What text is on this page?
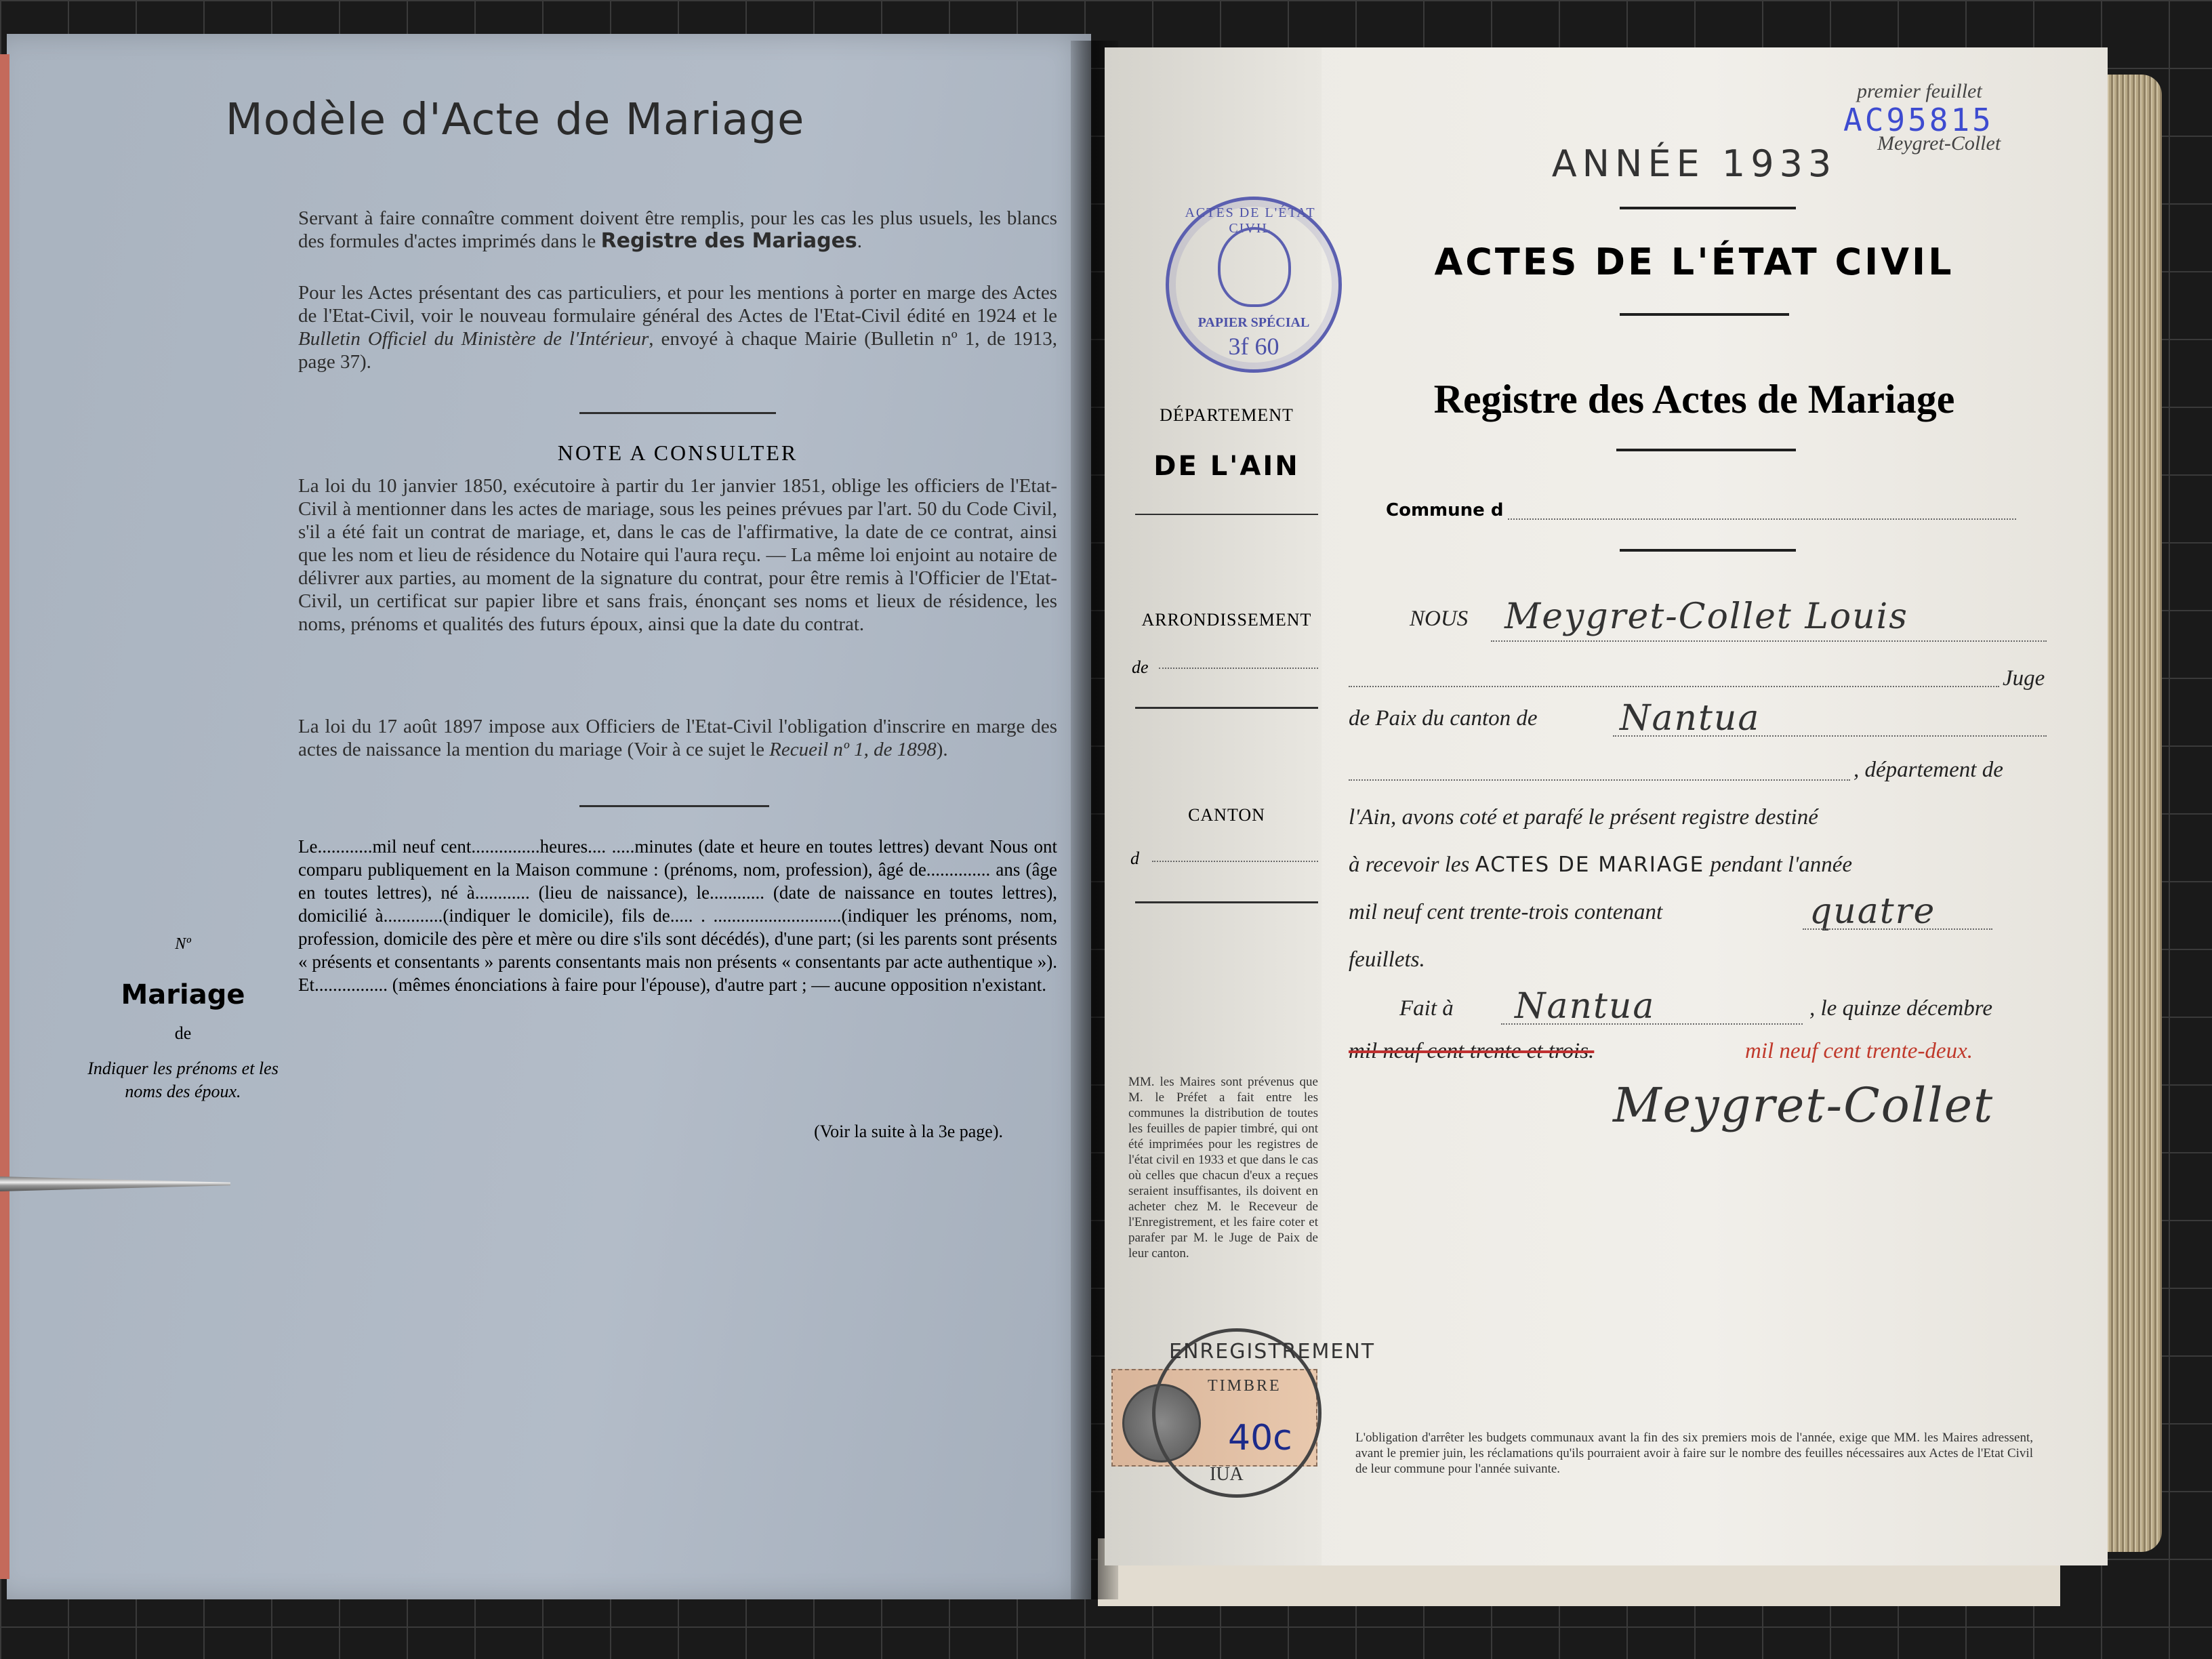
Modèle d'Acte de Mariage
Servant à faire connaître comment doivent être remplis, pour les cas les plus usuels, les blancs des formules d'actes imprimés dans le Registre des Mariages.
Pour les Actes présentant des cas particuliers, et pour les mentions à porter en marge des Actes de l'Etat-Civil, voir le nouveau formulaire général des Actes de l'Etat-Civil édité en 1924 et le Bulletin Officiel du Ministère de l'Intérieur, envoyé à chaque Mairie (Bulletin nº 1, de 1913, page 37).
NOTE A CONSULTER
La loi du 10 janvier 1850, exécutoire à partir du 1er janvier 1851, oblige les officiers de l'Etat-Civil à mentionner dans les actes de mariage, sous les peines prévues par l'art. 50 du Code Civil, s'il a été fait un contrat de mariage, et, dans le cas de l'affirmative, la date de ce contrat, ainsi que les nom et lieu de résidence du Notaire qui l'aura reçu. — La même loi enjoint au notaire de délivrer aux parties, au moment de la signature du contrat, pour être remis à l'Officier de l'Etat-Civil, un certificat sur papier libre et sans frais, énonçant ses noms et lieux de résidence, les noms, prénoms et qualités des futurs époux, ainsi que la date du contrat.
La loi du 17 août 1897 impose aux Officiers de l'Etat-Civil l'obligation d'inscrire en marge des actes de naissance la mention du mariage (Voir à ce sujet le Recueil nº 1, de 1898).
Le............mil neuf cent...............heures.... .....minutes (date et heure en toutes lettres) devant Nous ont comparu publiquement en la Maison commune : (prénoms, nom, profession), âgé de.............. ans (âge en toutes lettres), né à............ (lieu de naissance), le............ (date de naissance en toutes lettres), domicilié à.............(indiquer le domicile), fils de..... . ............................(indiquer les prénoms, nom, profession, domicile des père et mère ou dire s'ils sont décédés), d'une part; (si les parents sont présents « présents et consentants » parents consentants mais non présents « consentants par acte authentique »). Et................ (mêmes énonciations à faire pour l'épouse), d'autre part ; — aucune opposition n'existant.
(Voir la suite à la 3e page).
Nº
Mariage
de
Indiquer les prénoms et les noms des époux.
premier feuillet
AC95815
Meygret-Collet
ANNÉE 1933
ACTES DE L'ÉTAT CIVIL
Registre des Actes de Mariage
ACTES DE L'ÉTAT CIVIL
PAPIER SPÉCIAL
3f 60
DÉPARTEMENT
DE L'AIN
ARRONDISSEMENT
de
CANTON
d
Commune d
NOUS Meygret-Collet Louis
Juge
de Paix du canton de Nantua
, département de
l'Ain, avons coté et parafé le présent registre destiné
à recevoir les ACTES DE MARIAGE pendant l'année
mil neuf cent trente-trois contenant	quatre
feuillets.
Fait à Nantua	, le quinze décembre
mil neuf cent trente et trois.	mil neuf cent trente-deux.
Meygret-Collet
MM. les Maires sont prévenus que M. le Préfet a fait entre les communes la distribution de toutes les feuilles de papier timbré, qui ont été imprimées pour les registres de l'état civil en 1933 et que dans le cas où celles que chacun d'eux a reçues seraient insuffisantes, ils doivent en acheter chez M. le Receveur de l'Enregistrement, et les faire coter et parafer par M. le Juge de Paix de leur canton.
TIMBRE
40c
ENREGISTREMENT
IUA
L'obligation d'arrêter les budgets communaux avant la fin des six premiers mois de l'année, exige que MM. les Maires adressent, avant le premier juin, les réclamations qu'ils pourraient avoir à faire sur le nombre des feuilles nécessaires aux Actes de l'Etat Civil de leur commune pour l'année suivante.
